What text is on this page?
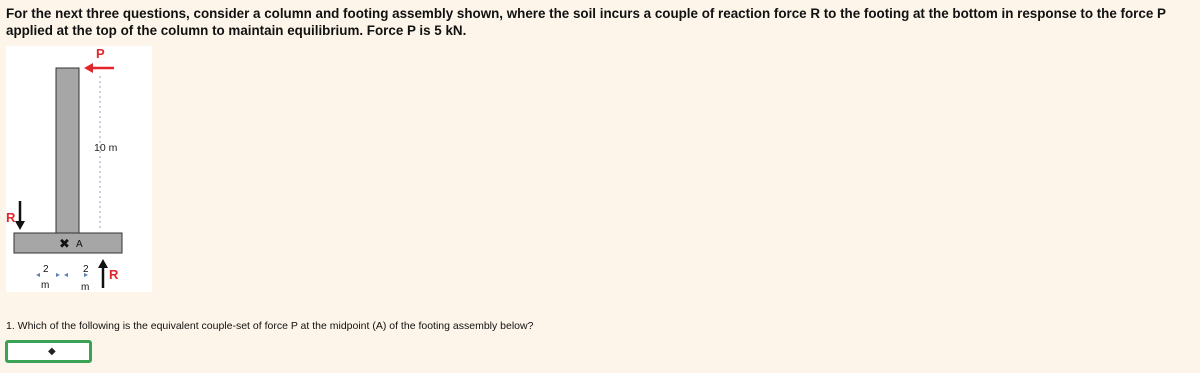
For the next three questions, consider a column and footing assembly shown, where the soil incurs a couple of reaction force R to the footing at the bottom in response to the force P applied at the top of the column to maintain equilibrium. Force P is 5 kN.
P
10 m
R
✖ A
R
2
m
2
m
1. Which of the following is the equivalent couple-set of force P at the midpoint (A) of the footing assembly below?
◆
